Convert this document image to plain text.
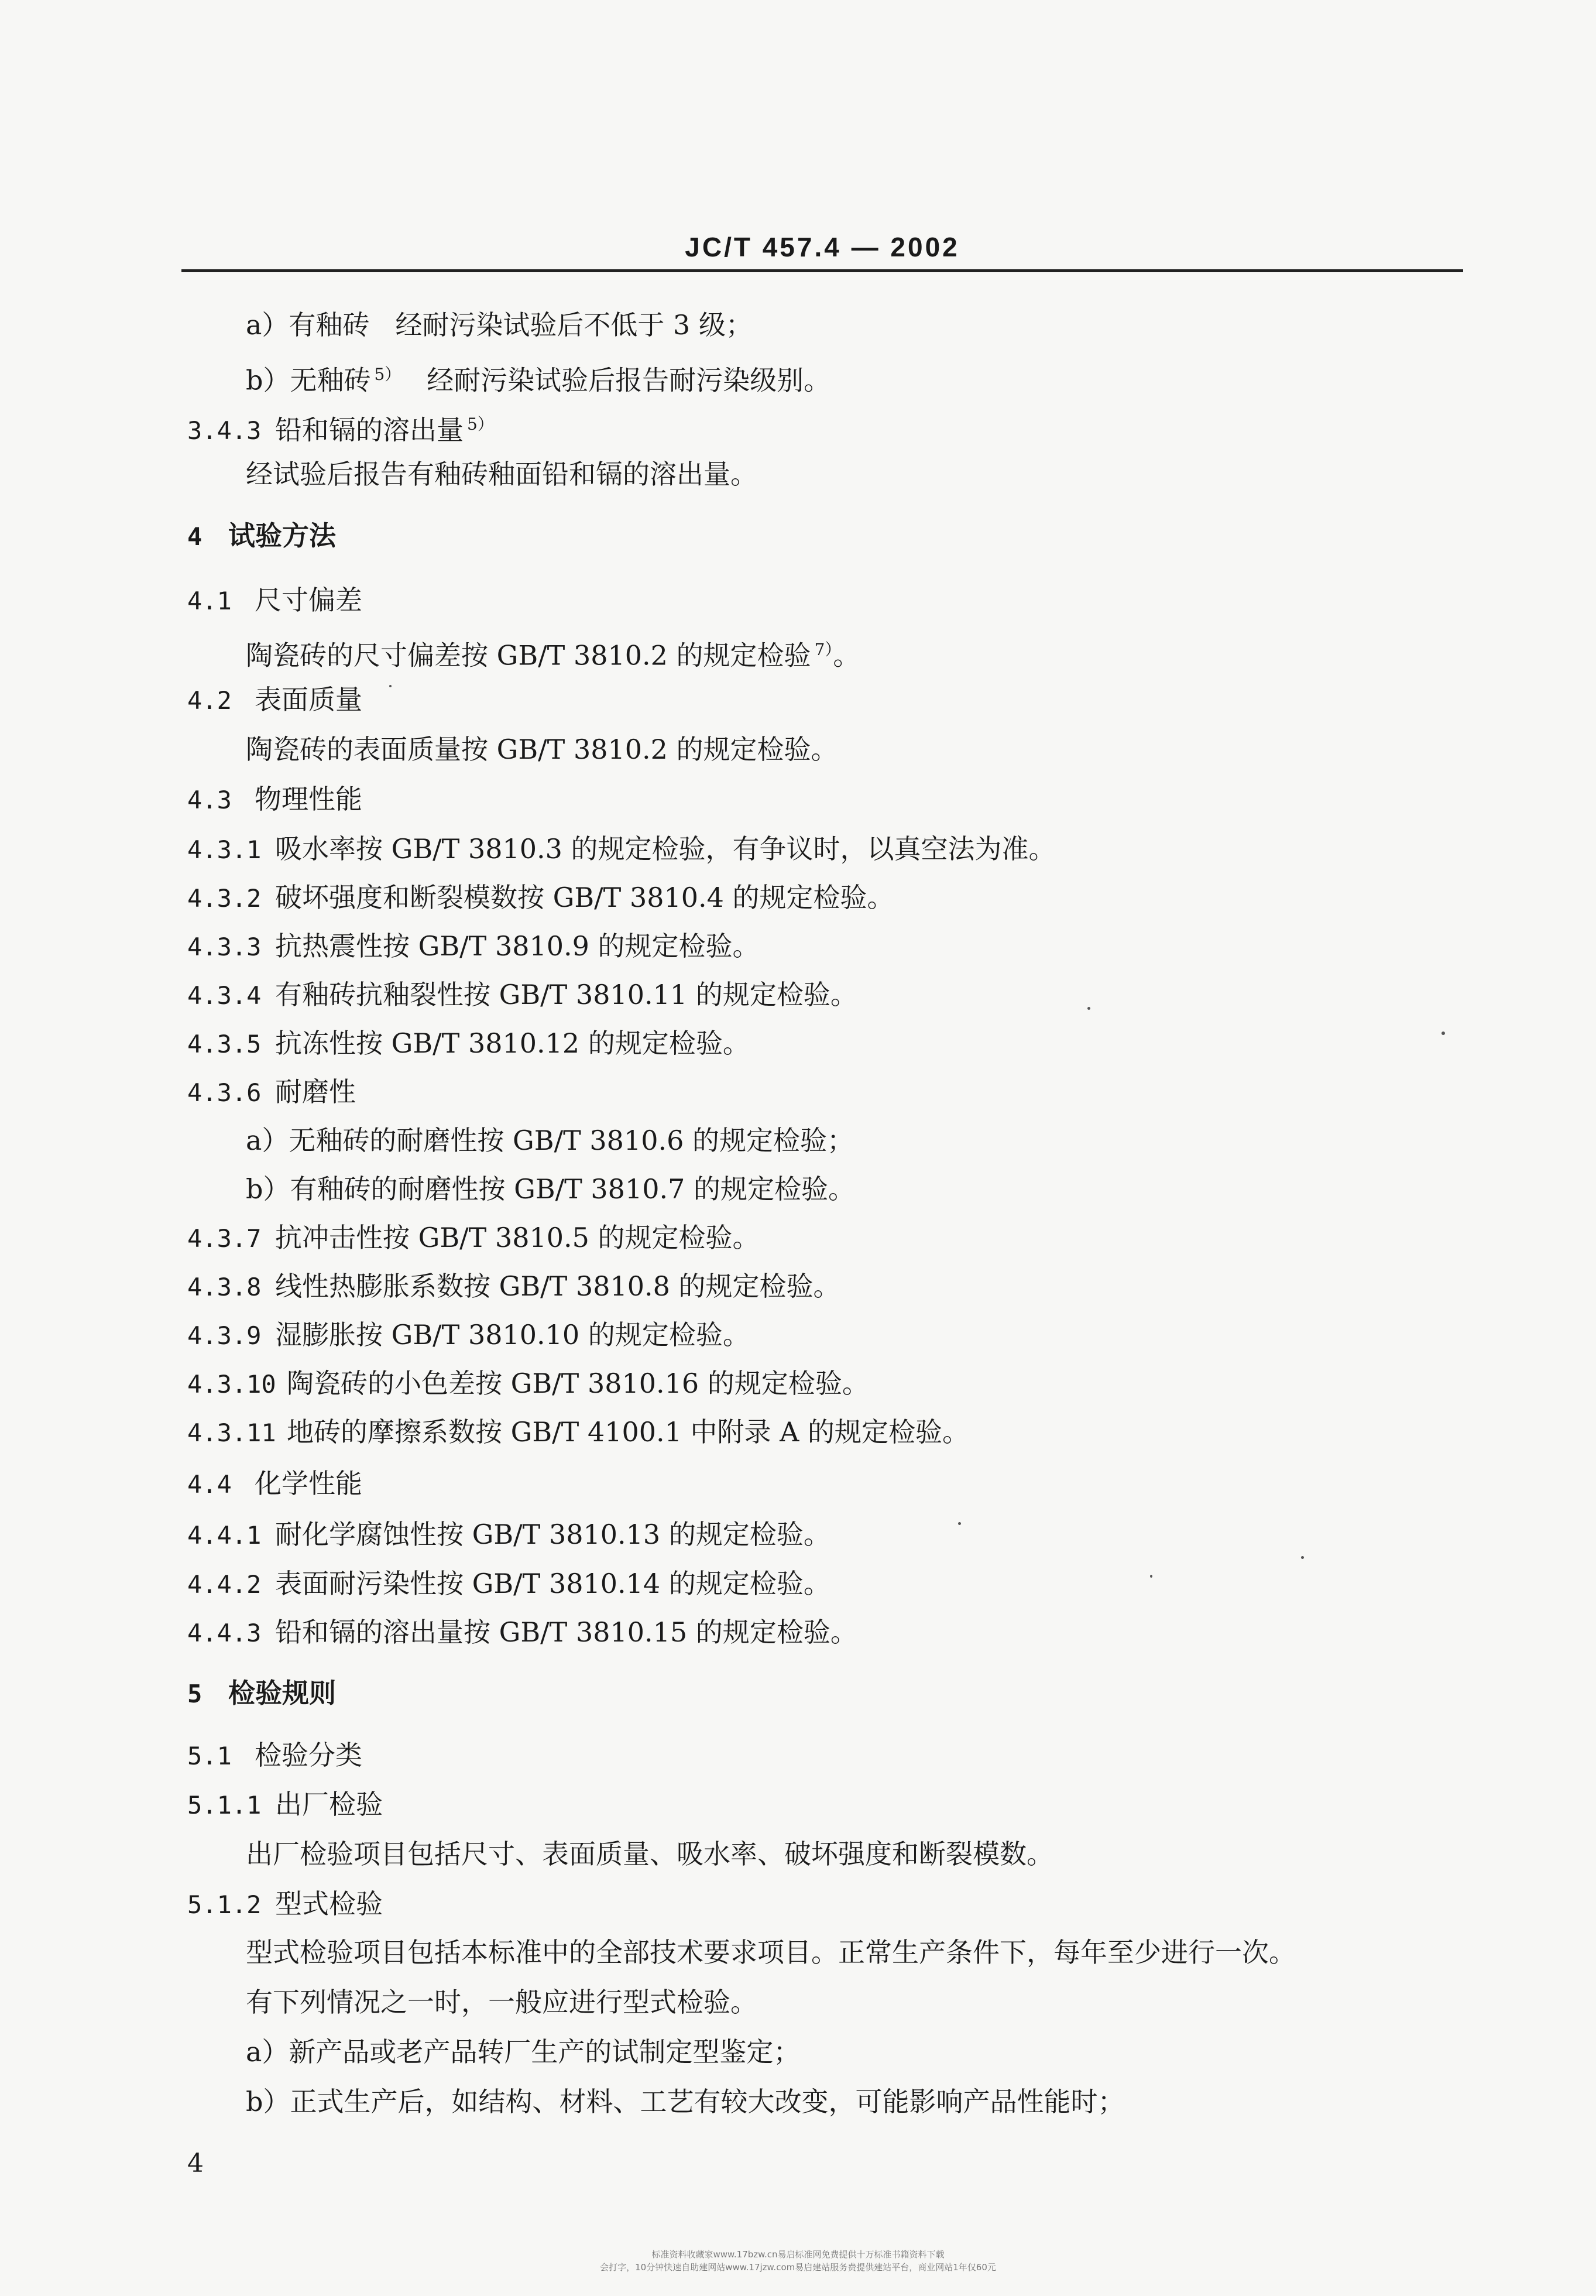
JC/T 457.4 — 2002
a）有釉砖 经耐污染试验后不低于 3 级；
b）无釉砖 $^{5)}$ 经耐污染试验后报告耐污染级别。
3.4.3 铅和镉的溶出量 $^{5)}$
经试验后报告有釉砖釉面铅和镉的溶出量。
4 试验方法
4.1 尺寸偏差
陶瓷砖的尺寸偏差按 GB/T 3810.2 的规定检验 $^{7)}$。
4.2 表面质量
陶瓷砖的表面质量按 GB/T 3810.2 的规定检验。
4.3 物理性能
4.3.1 吸水率按 GB/T 3810.3 的规定检验，有争议时，以真空法为准。
4.3.2 破坏强度和断裂模数按 GB/T 3810.4 的规定检验。
4.3.3 抗热震性按 GB/T 3810.9 的规定检验。
4.3.4 有釉砖抗釉裂性按 GB/T 3810.11 的规定检验。
4.3.5 抗冻性按 GB/T 3810.12 的规定检验。
4.3.6 耐磨性
a）无釉砖的耐磨性按 GB/T 3810.6 的规定检验；
b）有釉砖的耐磨性按 GB/T 3810.7 的规定检验。
4.3.7 抗冲击性按 GB/T 3810.5 的规定检验。
4.3.8 线性热膨胀系数按 GB/T 3810.8 的规定检验。
4.3.9 湿膨胀按 GB/T 3810.10 的规定检验。
4.3.10 陶瓷砖的小色差按 GB/T 3810.16 的规定检验。
4.3.11 地砖的摩擦系数按 GB/T 4100.1 中附录 A 的规定检验。
4.4 化学性能
4.4.1 耐化学腐蚀性按 GB/T 3810.13 的规定检验。
4.4.2 表面耐污染性按 GB/T 3810.14 的规定检验。
4.4.3 铅和镉的溶出量按 GB/T 3810.15 的规定检验。
5 检验规则
5.1 检验分类
5.1.1 出厂检验
出厂检验项目包括尺寸、表面质量、吸水率、破坏强度和断裂模数。
5.1.2 型式检验
型式检验项目包括本标准中的全部技术要求项目。正常生产条件下，每年至少进行一次。
有下列情况之一时，一般应进行型式检验。
a）新产品或老产品转厂生产的试制定型鉴定；
b）正式生产后，如结构、材料、工艺有较大改变，可能影响产品性能时；
4
标准资料收藏家www.17bzw.cn易启标准网免费提供十万标准书籍资料下载
会打字，10分钟快速自助建网站www.17jzw.com易启建站服务费提供建站平台，商业网站1年仅60元
